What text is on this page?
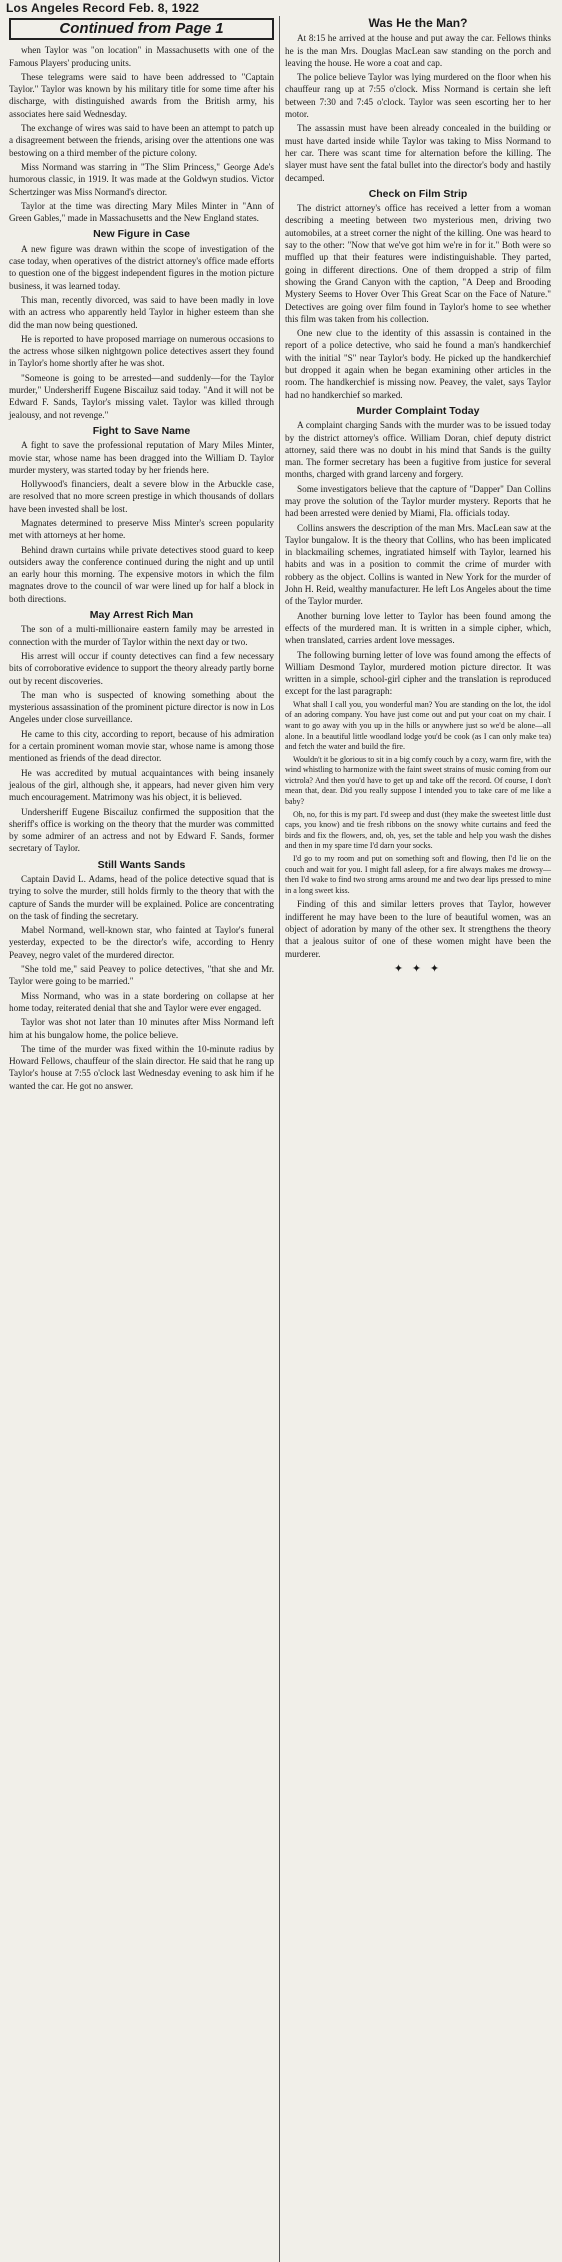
Los Angeles Record Feb. 8, 1922
Continued from Page 1

when Taylor was "on location" in Massachusetts with one of the Famous Players' producing units.

These telegrams were said to have been addressed to "Captain Taylor." Taylor was known by his military title for some time after his discharge, with distinguished awards from the British army, his associates here said Wednesday.

The exchange of wires was said to have been an attempt to patch up a disagreement between the friends, arising over the attentions one was bestowing on a third member of the picture colony.

Miss Normand was starring in "The Slim Princess," George Ade's humorous classic, in 1919. It was made at the Goldwyn studios. Victor Schertzinger was Miss Normand's director.

Taylor at the time was directing Mary Miles Minter in "Ann of Green Gables," made in Massachusetts and the New England states.

New Figure in Case

A new figure was drawn within the scope of investigation of the case today, when operatives of the district attorney's office made efforts to question one of the biggest independent figures in the motion picture business, it was learned today.

This man, recently divorced, was said to have been madly in love with an actress who apparently held Taylor in higher esteem than she did the man now being questioned.

He is reported to have proposed marriage on numerous occasions to the actress whose silken nightgown police detectives assert they found in Taylor's home shortly after he was shot.

"Someone is going to be arrested—and suddenly—for the Taylor murder," Undersheriff Eugene Biscailuz said today. "And it will not be Edward F. Sands, Taylor's missing valet. Taylor was killed through jealousy, and not revenge."

Fight to Save Name

A fight to save the professional reputation of Mary Miles Minter, movie star, whose name has been dragged into the William D. Taylor murder mystery, was started today by her friends here.

Hollywood's financiers, dealt a severe blow in the Arbuckle case, are resolved that no more screen prestige in which thousands of dollars have been invested shall be lost.

Magnates determined to preserve Miss Minter's screen popularity met with attorneys at her home.

Behind drawn curtains while private detectives stood guard to keep outsiders away the conference continued during the night and up until an early hour this morning. The expensive motors in which the film magnates drove to the council of war were lined up for half a block in both directions.

May Arrest Rich Man

The son of a multi-millionaire eastern family may be arrested in connection with the murder of Taylor within the next day or two.

His arrest will occur if county detectives can find a few necessary bits of corroborative evidence to support the theory already partly borne out by recent discoveries.

The man who is suspected of knowing something about the mysterious assassination of the prominent picture director is now in Los Angeles under close surveillance.

He came to this city, according to report, because of his admiration for a certain prominent woman movie star, whose name is among those mentioned as friends of the dead director.

He was accredited by mutual acquaintances with being insanely jealous of the girl, although she, it appears, had never given him very much encouragement. Matrimony was his object, it is believed.

Undersheriff Eugene Biscailuz confirmed the supposition that the sheriff's office is working on the theory that the murder was committed by some admirer of an actress and not by Edward F. Sands, former secretary of Taylor.

Still Wants Sands

Captain David L. Adams, head of the police detective squad that is trying to solve the murder, still holds firmly to the theory that with the capture of Sands the murder will be explained. Police are concentrating on the task of finding the secretary.

Mabel Normand, well-known star, who fainted at Taylor's funeral yesterday, expected to be the director's wife, according to Henry Peavey, negro valet of the murdered director.

"She told me," said Peavey to police detectives, "that she and Mr. Taylor were going to be married."

Miss Normand, who was in a state bordering on collapse at her home today, reiterated denial that she and Taylor were ever engaged.

Taylor was shot not later than 10 minutes after Miss Normand left him at his bungalow home, the police believe.

The time of the murder was fixed within the 10-minute radius by Howard Fellows, chauffeur of the slain director. He said that he rang up Taylor's house at 7:55 o'clock last Wednesday evening to ask him if he wanted the car. He got no answer.

Was He the Man?

At 8:15 he arrived at the house and put away the car. Fellows thinks he is the man Mrs. Douglas MacLean saw standing on the porch and leaving the house. He wore a coat and cap.

The police believe Taylor was lying murdered on the floor when his chauffeur rang up at 7:55 o'clock. Miss Normand is certain she left between 7:30 and 7:45 o'clock. Taylor was seen escorting her to her motor.

The assassin must have been already concealed in the building or must have darted inside while Taylor was taking to Miss Normand to her car. There was scant time for alternation before the killing. The slayer must have sent the fatal bullet into the director's body and hastily decamped.

Check on Film Strip

The district attorney's office has received a letter from a woman describing a meeting between two mysterious men, driving two automobiles, at a street corner the night of the killing. One was heard to say to the other: "Now that we've got him we're in for it." Both were so muffled up that their features were indistinguishable. They parted, going in different directions. One of them dropped a strip of film showing the Grand Canyon with the caption, "A Deep and Brooding Mystery Seems to Hover Over This Great Scar on the Face of Nature." Detectives are going over film found in Taylor's home to see whether this film was taken from his collection.

One new clue to the identity of this assassin is contained in the report of a police detective, who said he found a man's handkerchief with the initial "S" near Taylor's body. He picked up the handkerchief but dropped it again when he began examining other articles in the room. The handkerchief is missing now. Peavey, the valet, says Taylor had no handkerchief so marked.

Murder Complaint Today

A complaint charging Sands with the murder was to be issued today by the district attorney's office. William Doran, chief deputy district attorney, said there was no doubt in his mind that Sands is the guilty man. The former secretary has been a fugitive from justice for several months, charged with grand larceny and forgery.

Some investigators believe that the capture of "Dapper" Dan Collins may prove the solution of the Taylor murder mystery. Reports that he had been arrested were denied by Miami, Fla. officials today.

Collins answers the description of the man Mrs. MacLean saw at the Taylor bungalow. It is the theory that Collins, who has been implicated in blackmailing schemes, ingratiated himself with Taylor, learned his habits and was in a position to commit the crime of murder with robbery as the object. Collins is wanted in New York for the murder of John H. Reid, wealthy manufacturer. He left Los Angeles about the time of the Taylor murder.

Another burning love letter to Taylor has been found among the effects of the murdered man. It is written in a simple cipher, which, when translated, carries ardent love messages.

The following burning letter of love was found among the effects of William Desmond Taylor, murdered motion picture director. It was written in a simple, school-girl cipher and the translation is reproduced except for the last paragraph:

What shall I call you, you wonderful man? You are standing on the lot, the idol of an adoring company. You have just come out and put your coat on my chair. I want to go away with you up in the hills or anywhere just so we'd be alone—all alone. In a beautiful little woodland lodge you'd be cook (as I can only make tea) and fetch the water and build the fire.

Wouldn't it be glorious to sit in a big comfy couch by a cozy, warm fire, with the wind whistling to harmonize with the faint sweet strains of music coming from our victrola? And then you'd have to get up and take off the record. Of course, I don't mean that, dear. Did you really suppose I intended you to take care of me like a baby?

Oh, no, for this is my part. I'd sweep and dust (they make the sweetest little dust caps, you know) and tie fresh ribbons on the snowy white curtains and feed the birds and fix the flowers, and, oh, yes, set the table and help you wash the dishes and then in my spare time I'd darn your socks.

I'd go to my room and put on something soft and flowing, then I'd lie on the couch and wait for you. I might fall asleep, for a fire always makes me drowsy—then I'd wake to find two strong arms around me and two dear lips pressed to mine in a long sweet kiss.

Finding of this and similar letters proves that Taylor, however indifferent he may have been to the lure of beautiful women, was an object of adoration by many of the other sex. It strengthens the theory that a jealous suitor of one of these women might have been the murderer.

✦ ✦ ✦
